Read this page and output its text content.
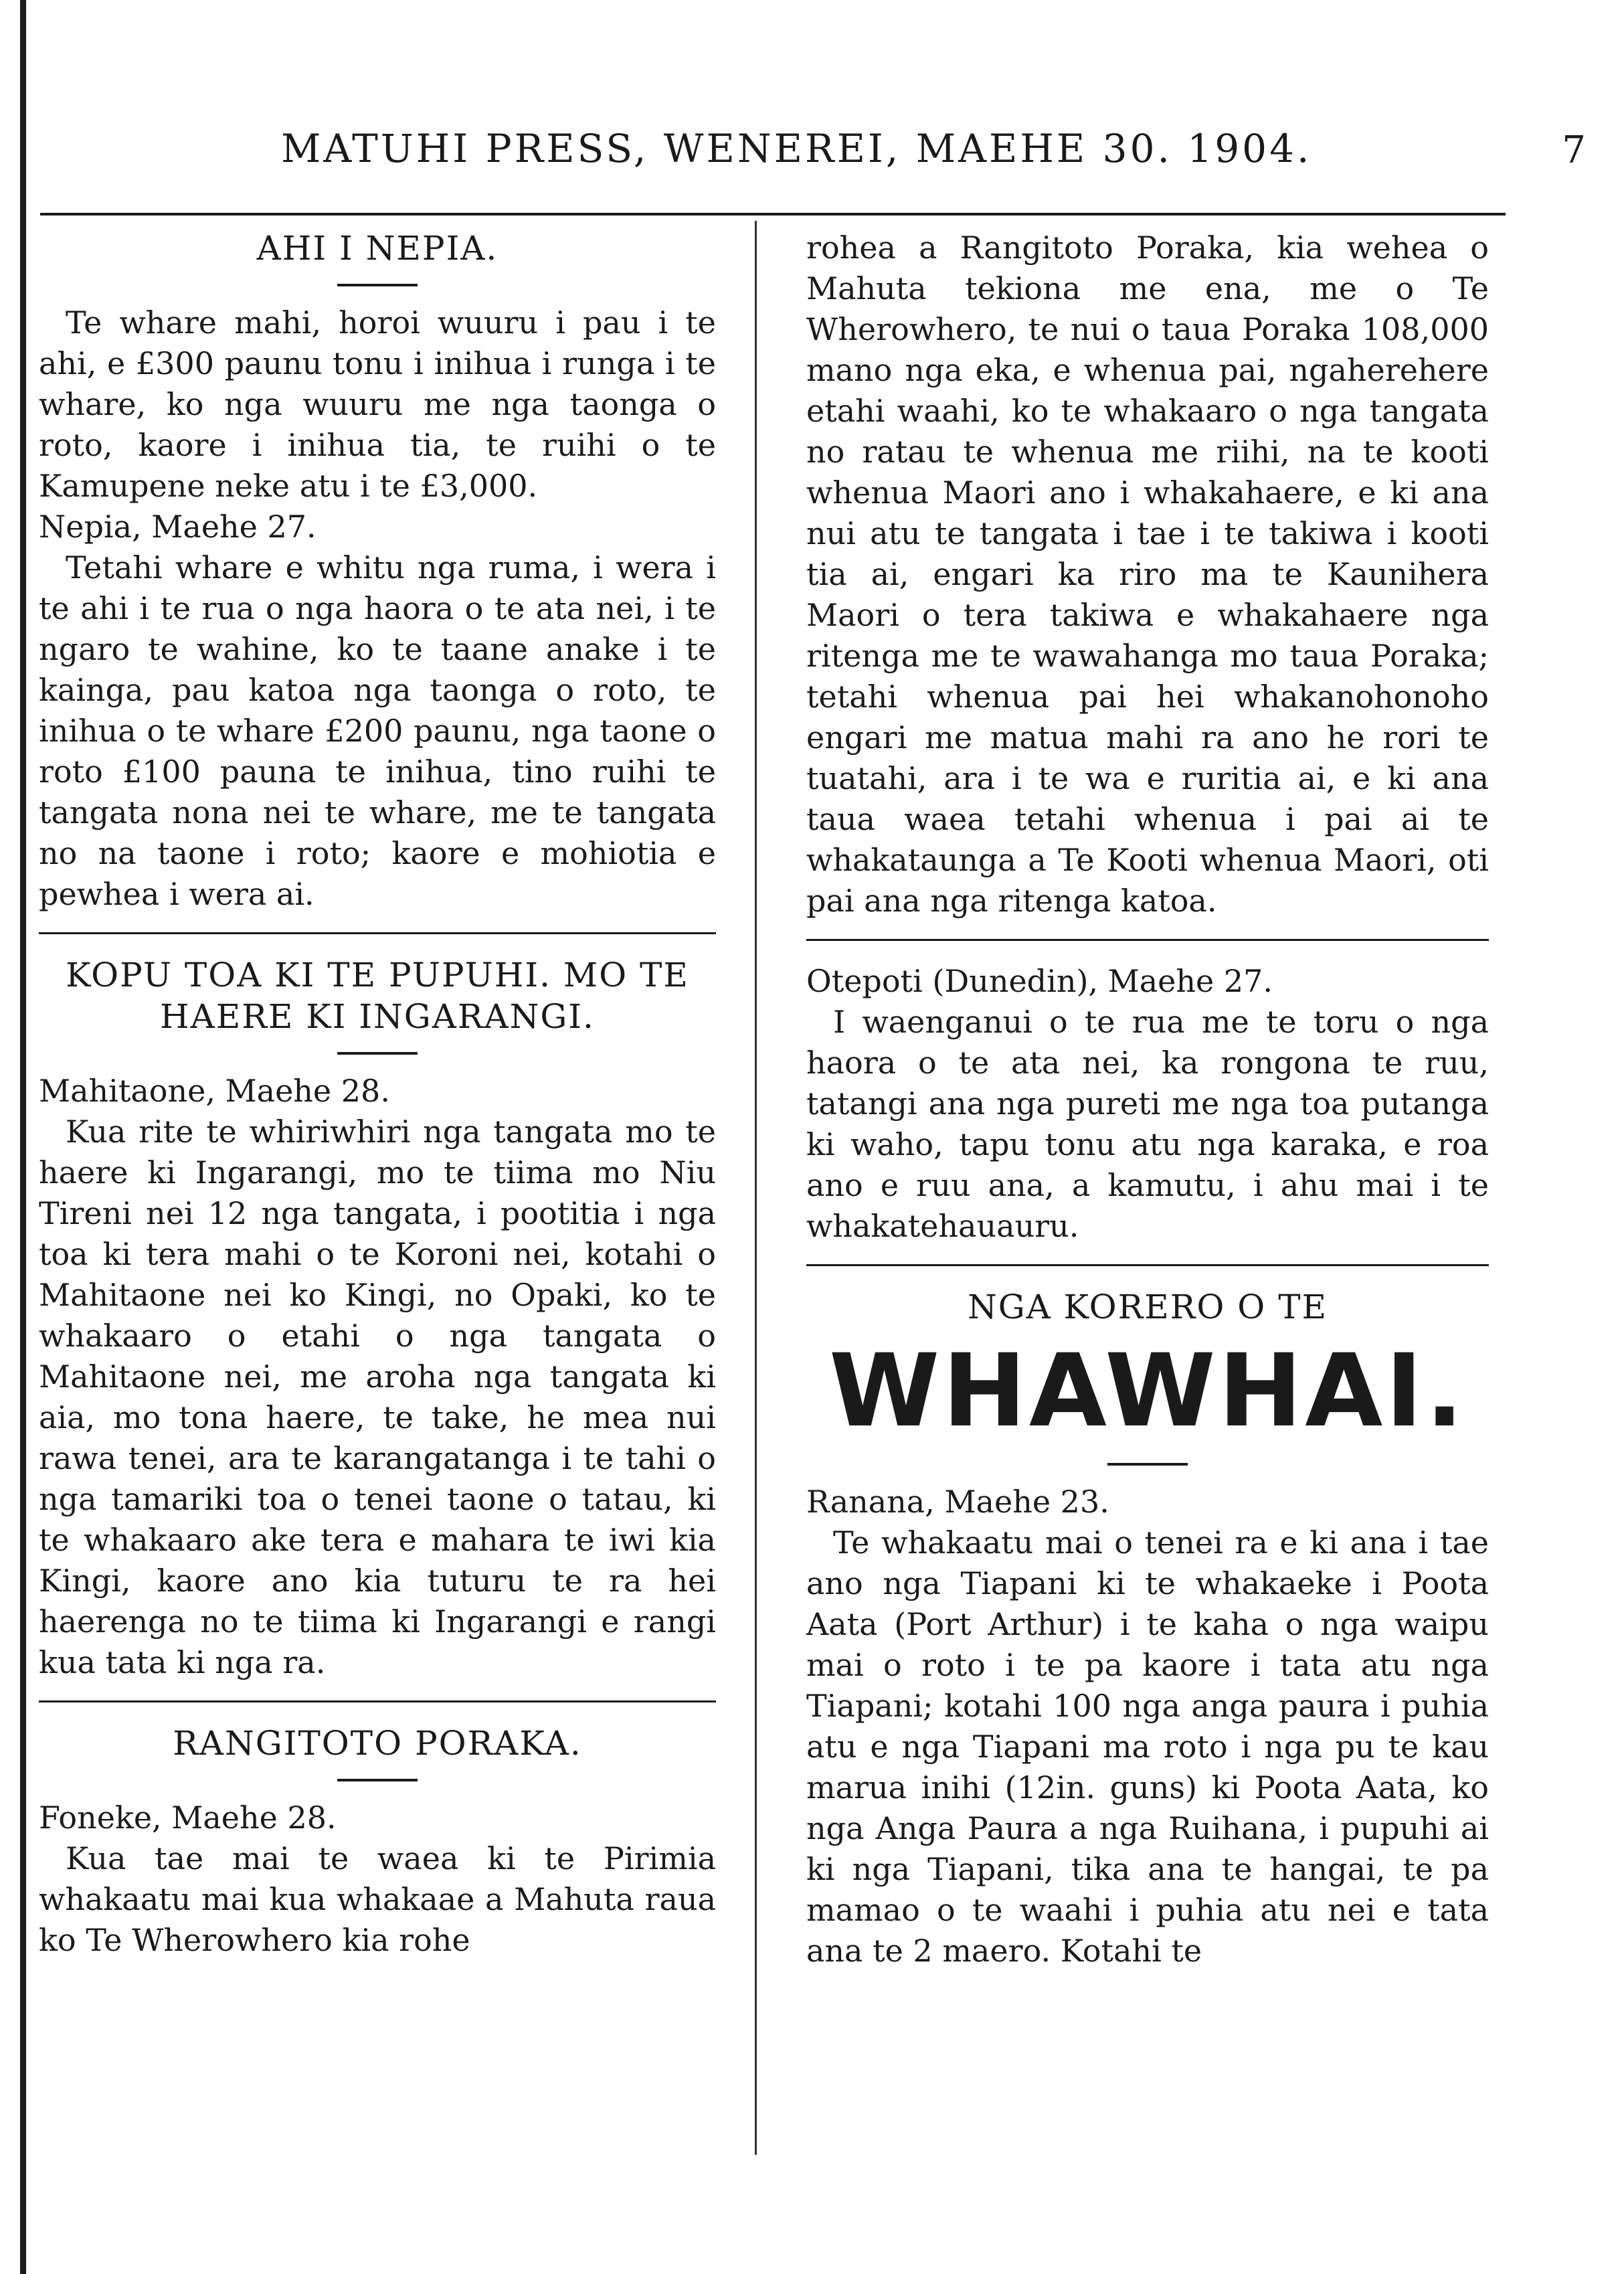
MATUHI PRESS, WENEREI, MAEHE 30. 1904.	7
AHI I NEPIA.

Te whare mahi, horoi wuuru i pau i te ahi, e £300 paunu tonu i inihua i runga i te whare, ko nga wuuru me nga taonga o roto, kaore i inihua tia, te ruihi o te Kamupene neke atu i te £3,000.

Nepia, Maehe 27.

Tetahi whare e whitu nga ruma, i wera i te ahi i te rua o nga haora o te ata nei, i te ngaro te wahine, ko te taane anake i te kainga, pau katoa nga taonga o roto, te inihua o te whare £200 paunu, nga taone o roto £100 pauna te inihua, tino ruihi te tangata nona nei te whare, me te tangata no na taone i roto; kaore e mohiotia e pewhea i wera ai.

KOPU TOA KI TE PUPUHI. MO TE HAERE KI INGARANGI.

Mahitaone, Maehe 28.

Kua rite te whiriwhiri nga tangata mo te haere ki Ingarangi, mo te tiima mo Niu Tireni nei 12 nga tangata, i pootitia i nga toa ki tera mahi o te Koroni nei, kotahi o Mahitaone nei ko Kingi, no Opaki, ko te whakaaro o etahi o nga tangata o Mahitaone nei, me aroha nga tangata ki aia, mo tona haere, te take, he mea nui rawa tenei, ara te karangatanga i te tahi o nga tamariki toa o tenei taone o tatau, ki te whakaaro ake tera e mahara te iwi kia Kingi, kaore ano kia tuturu te ra hei haerenga no te tiima ki Ingarangi e rangi kua tata ki nga ra.

RANGITOTO PORAKA.

Foneke, Maehe 28.

Kua tae mai te waea ki te Pirimia whakaatu mai kua whakaae a Mahuta raua ko Te Wherowhero kia rohe

rohea a Rangitoto Poraka, kia wehea o Mahuta tekiona me ena, me o Te Wherowhero, te nui o taua Poraka 108,000 mano nga eka, e whenua pai, ngaherehere etahi waahi, ko te whakaaro o nga tangata no ratau te whenua me riihi, na te kooti whenua Maori ano i whakahaere, e ki ana nui atu te tangata i tae i te takiwa i kooti tia ai, engari ka riro ma te Kaunihera Maori o tera takiwa e whakahaere nga ritenga me te wawahanga mo taua Poraka; tetahi whenua pai hei whakanohonoho engari me matua mahi ra ano he rori te tuatahi, ara i te wa e ruritia ai, e ki ana taua waea tetahi whenua i pai ai te whakataunga a Te Kooti whenua Maori, oti pai ana nga ritenga katoa.

Otepoti (Dunedin), Maehe 27.

I waenganui o te rua me te toru o nga haora o te ata nei, ka rongona te ruu, tatangi ana nga pureti me nga toa putanga ki waho, tapu tonu atu nga karaka, e roa ano e ruu ana, a kamutu, i ahu mai i te whakatehauauru.

NGA KORERO O TE
WHAWHAI.

Ranana, Maehe 23.

Te whakaatu mai o tenei ra e ki ana i tae ano nga Tiapani ki te whakaeke i Poota Aata (Port Arthur) i te kaha o nga waipu mai o roto i te pa kaore i tata atu nga Tiapani; kotahi 100 nga anga paura i puhia atu e nga Tiapani ma roto i nga pu te kau marua inihi (12in. guns) ki Poota Aata, ko nga Anga Paura a nga Ruihana, i pupuhi ai ki nga Tiapani, tika ana te hangai, te pa mamao o te waahi i puhia atu nei e tata ana te 2 maero. Kotahi te
